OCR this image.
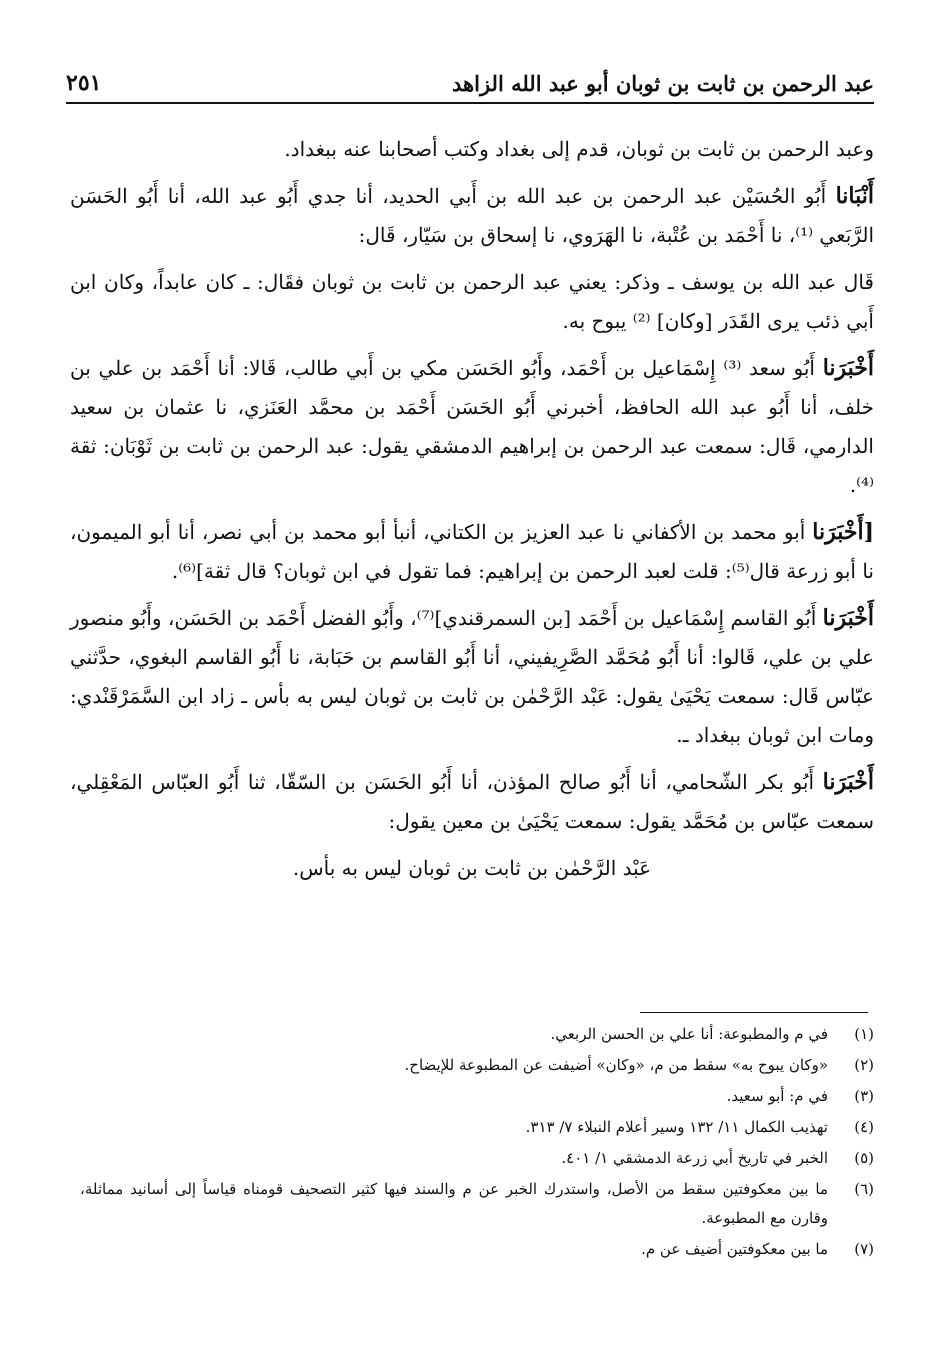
عبد الرحمن بن ثابت بن ثوبان أبو عبد الله الزاهد
٢٥١

وعبد الرحمن بن ثابت بن ثوبان، قدم إلى بغداد وكتب أصحابنا عنه ببغداد.

أَنْبَانا أَبُو الحُسَيْن عبد الرحمن بن عبد الله بن أَبي الحديد، أنا جدي أَبُو عبد الله، أنا أَبُو الحَسَن الرَّبَعي ⁽¹⁾، نا أَحْمَد بن عُتْبة، نا الهَرَوي، نا إسحاق بن سَيّار، قَال:

قَال عبد الله بن يوسف ـ وذكر: يعني عبد الرحمن بن ثابت بن ثوبان فقَال: ـ كان عابداً، وكان ابن أَبي ذئب يرى القَدَر [وكان] ⁽²⁾ يبوح به.

أَخْبَرَنا أَبُو سعد ⁽³⁾ إِسْمَاعيل بن أَحْمَد، وأَبُو الحَسَن مكي بن أَبي طالب، قَالا: أنا أَحْمَد بن علي بن خلف، أنا أَبُو عبد الله الحافظ، أخبرني أَبُو الحَسَن أَحْمَد بن محمَّد العَنَزي، نا عثمان بن سعيد الدارمي، قَال: سمعت عبد الرحمن بن إبراهيم الدمشقي يقول: عبد الرحمن بن ثابت بن ثَوْبَان: ثقة ⁽⁴⁾.

[أَخْبَرَنا أبو محمد بن الأكفاني نا عبد العزيز بن الكتاني، أنبأ أبو محمد بن أبي نصر، أنا أبو الميمون، نا أبو زرعة قال⁽⁵⁾: قلت لعبد الرحمن بن إبراهيم: فما تقول في ابن ثوبان؟ قال ثقة]⁽⁶⁾.

أَخْبَرَنا أَبُو القاسم إِسْمَاعيل بن أَحْمَد [بن السمرقندي]⁽⁷⁾، وأَبُو الفضل أَحْمَد بن الحَسَن، وأَبُو منصور علي بن علي، قَالوا: أنا أَبُو مُحَمَّد الصَّرِيفيني، أنا أَبُو القاسم بن حَبَابة، نا أَبُو القاسم البغوي، حدَّثني عبّاس قَال: سمعت يَحْيَىٰ يقول: عَبْد الرَّحْمٰن بن ثابت بن ثوبان ليس به بأس ـ زاد ابن السَّمَرْقَنْدي: ومات ابن ثوبان ببغداد ـ.

أَخْبَرَنا أَبُو بكر الشّحامي، أنا أَبُو صالح المؤذن، أنا أَبُو الحَسَن بن السّقّا، ثنا أَبُو العبّاس المَعْقِلي، سمعت عبّاس بن مُحَمَّد يقول: سمعت يَحْيَىٰ بن معين يقول:

عَبْد الرَّحْمٰن بن ثابت بن ثوبان ليس به بأس.

(١)
في م والمطبوعة: أنا علي بن الحسن الربعي.
(٢)
«وكان يبوح به» سقط من م، «وكان» أضيفت عن المطبوعة للإيضاح.
(٣)
في م: أبو سعيد.
(٤)
تهذيب الكمال ١١/ ١٣٢ وسير أعلام النبلاء ٧/ ٣١٣.
(٥)
الخبر في تاريخ أبي زرعة الدمشقي ١/ ٤٠١.
(٦)
ما بين معكوفتين سقط من الأصل، واستدرك الخبر عن م والسند فيها كثير التصحيف قومناه قياساً إلى أسانيد مماثلة، وقارن مع المطبوعة.
(٧)
ما بين معكوفتين أضيف عن م.
